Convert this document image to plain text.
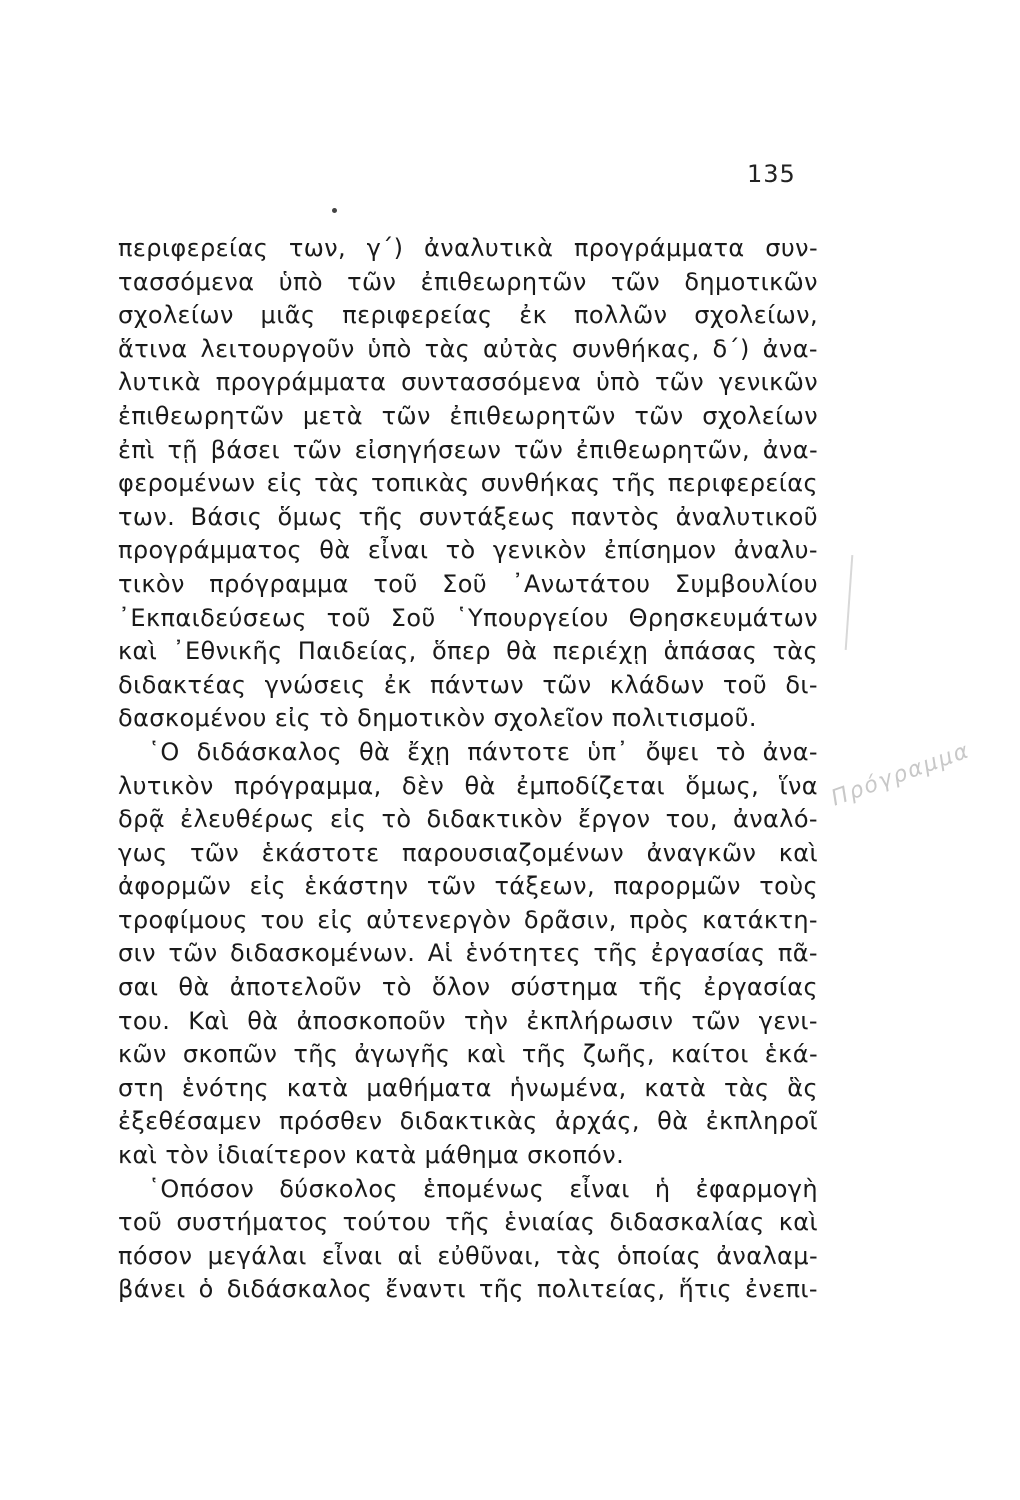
135
περιφερείας των, γ΄) ἀναλυτικὰ προγράμματα συν-
τασσόμενα ὑπὸ τῶν ἐπιθεωρητῶν τῶν δημοτικῶν
σχολείων μιᾶς περιφερείας ἐκ πολλῶν σχολείων,
ἅτινα λειτουργοῦν ὑπὸ τὰς αὐτὰς συνθήκας, δ΄) ἀνα-
λυτικὰ προγράμματα συντασσόμενα ὑπὸ τῶν γενικῶν
ἐπιθεωρητῶν μετὰ τῶν ἐπιθεωρητῶν τῶν σχολείων
ἐπὶ τῇ βάσει τῶν εἰσηγήσεων τῶν ἐπιθεωρητῶν, ἀνα-
φερομένων εἰς τὰς τοπικὰς συνθήκας τῆς περιφερείας
των. Βάσις ὅμως τῆς συντάξεως παντὸς ἀναλυτικοῦ
προγράμματος θὰ εἶναι τὸ γενικὸν ἐπίσημον ἀναλυ-
τικὸν πρόγραμμα τοῦ Σοῦ ᾿Ανωτάτου Συμβουλίου
᾿Εκπαιδεύσεως τοῦ Σοῦ ῾Υπουργείου Θρησκευμάτων
καὶ ᾿Εθνικῆς Παιδείας, ὅπερ θὰ περιέχῃ ἁπάσας τὰς
διδακτέας γνώσεις ἐκ πάντων τῶν κλάδων τοῦ δι-
δασκομένου εἰς τὸ δημοτικὸν σχολεῖον πολιτισμοῦ.
῾Ο διδάσκαλος θὰ ἔχῃ πάντοτε ὑπ᾿ ὄψει τὸ ἀνα-
λυτικὸν πρόγραμμα, δὲν θὰ ἐμποδίζεται ὅμως, ἵνα
δρᾷ ἐλευθέρως εἰς τὸ διδακτικὸν ἔργον του, ἀναλό-
γως τῶν ἑκάστοτε παρουσιαζομένων ἀναγκῶν καὶ
ἀφορμῶν εἰς ἑκάστην τῶν τάξεων, παρορμῶν τοὺς
τροφίμους του εἰς αὐτενεργὸν δρᾶσιν, πρὸς κατάκτη-
σιν τῶν διδασκομένων. Αἱ ἑνότητες τῆς ἐργασίας πᾶ-
σαι θὰ ἀποτελοῦν τὸ ὅλον σύστημα τῆς ἐργασίας
του. Καὶ θὰ ἀποσκοποῦν τὴν ἐκπλήρωσιν τῶν γενι-
κῶν σκοπῶν τῆς ἀγωγῆς καὶ τῆς ζωῆς, καίτοι ἑκά-
στη ἑνότης κατὰ μαθήματα ἡνωμένα, κατὰ τὰς ἃς
ἐξεθέσαμεν πρόσθεν διδακτικὰς ἀρχάς, θὰ ἐκπληροῖ
καὶ τὸν ἰδιαίτερον κατὰ μάθημα σκοπόν.
῾Οπόσον δύσκολος ἑπομένως εἶναι ἡ ἐφαρμογὴ
τοῦ συστήματος τούτου τῆς ἑνιαίας διδασκαλίας καὶ
πόσον μεγάλαι εἶναι αἱ εὐθῦναι, τὰς ὁποίας ἀναλαμ-
βάνει ὁ διδάσκαλος ἔναντι τῆς πολιτείας, ἥτις ἐνεπι-
Πρόγραμμα
